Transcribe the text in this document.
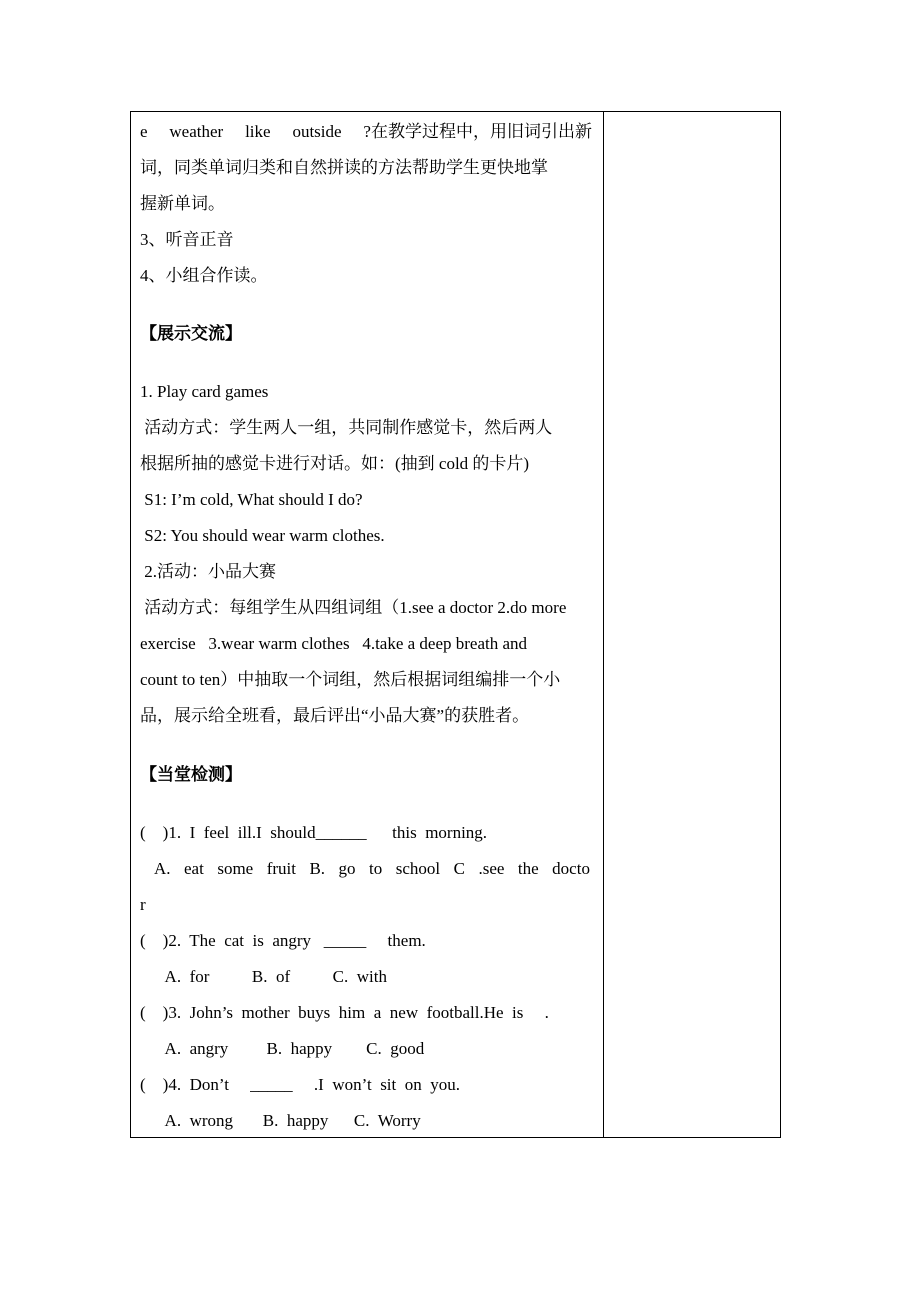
e weather like outside ?在教学过程中，用旧词引出新
词，同类单词归类和自然拼读的方法帮助学生更快地掌
握新单词。
3、听音正音
4、小组合作读。
【展示交流】
1. Play card games
活动方式：学生两人一组，共同制作感觉卡，然后两人
根据所抽的感觉卡进行对话。如：(抽到 cold 的卡片)
S1: I’m cold, What should I do?
S2: You should wear warm clothes.
2.活动：小品大赛
活动方式：每组学生从四组词组（1.see a doctor 2.do more
exercise   3.wear warm clothes   4.take a deep breath and
count to ten）中抽取一个词组，然后根据词组编排一个小
品，展示给全班看，最后评出“小品大赛”的获胜者。
【当堂检测】
(    )1.  I  feel  ill.I  should______      this  morning.
A. eat some fruit B. go to school C .see the docto
r
(    )2.  The  cat  is  angry   _____     them.
A.  for          B.  of          C.  with
(    )3.  John’s  mother  buys  him  a  new  football.He  is     .
A.  angry         B.  happy        C.  good
(    )4.  Don’t     _____     .I  won’t  sit  on  you.
A.  wrong       B.  happy      C.  Worry
